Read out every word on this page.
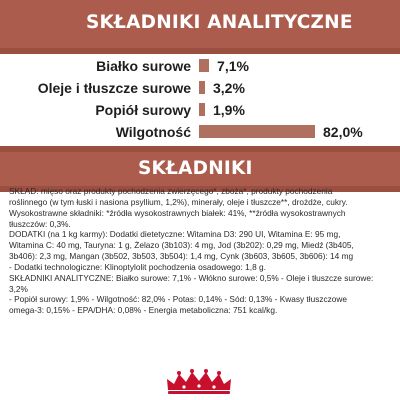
SKŁADNIKI ANALITYCZNE
Białko surowe 7,1%
Oleje i tłuszcze surowe 3,2%
Popiół surowy 1,9%
Wilgotność	82,0%
SKŁADNIKI

SKŁAD: mięso oraz produkty pochodzenia zwierzęcego*, zboża*, produkty pochodzenia

roślinnego (w tym łuski i nasiona psyllium, 1,2%), minerały, oleje i tłuszcze**, drożdże, cukry.

Wysokostrawne składniki: *źródła wysokostrawnych białek: 41%, **źródła wysokostrawnych

tłuszczów: 0,3%.

DODATKI (na 1 kg karmy): Dodatki dietetyczne: Witamina D3: 290 UI, Witamina E: 95 mg,

Witamina C: 40 mg, Tauryna: 1 g, Żelazo (3b103): 4 mg, Jod (3b202): 0,29 mg, Miedź (3b405,

3b406): 2,3 mg, Mangan (3b502, 3b503, 3b504): 1,4 mg, Cynk (3b603, 3b605, 3b606): 14 mg

- Dodatki technologiczne: Klinoptylolit pochodzenia osadowego: 1,8 g.

SKŁADNIKI ANALITYCZNE: Białko surowe: 7,1% - Włókno surowe: 0,5% - Oleje i tłuszcze surowe: 3,2%

- Popiół surowy: 1,9% - Wilgotność: 82,0% - Potas: 0,14% - Sód: 0,13% - Kwasy tłuszczowe

omega-3: 0,15% - EPA/DHA: 0,08% - Energia metaboliczna: 751 kcal/kg.
